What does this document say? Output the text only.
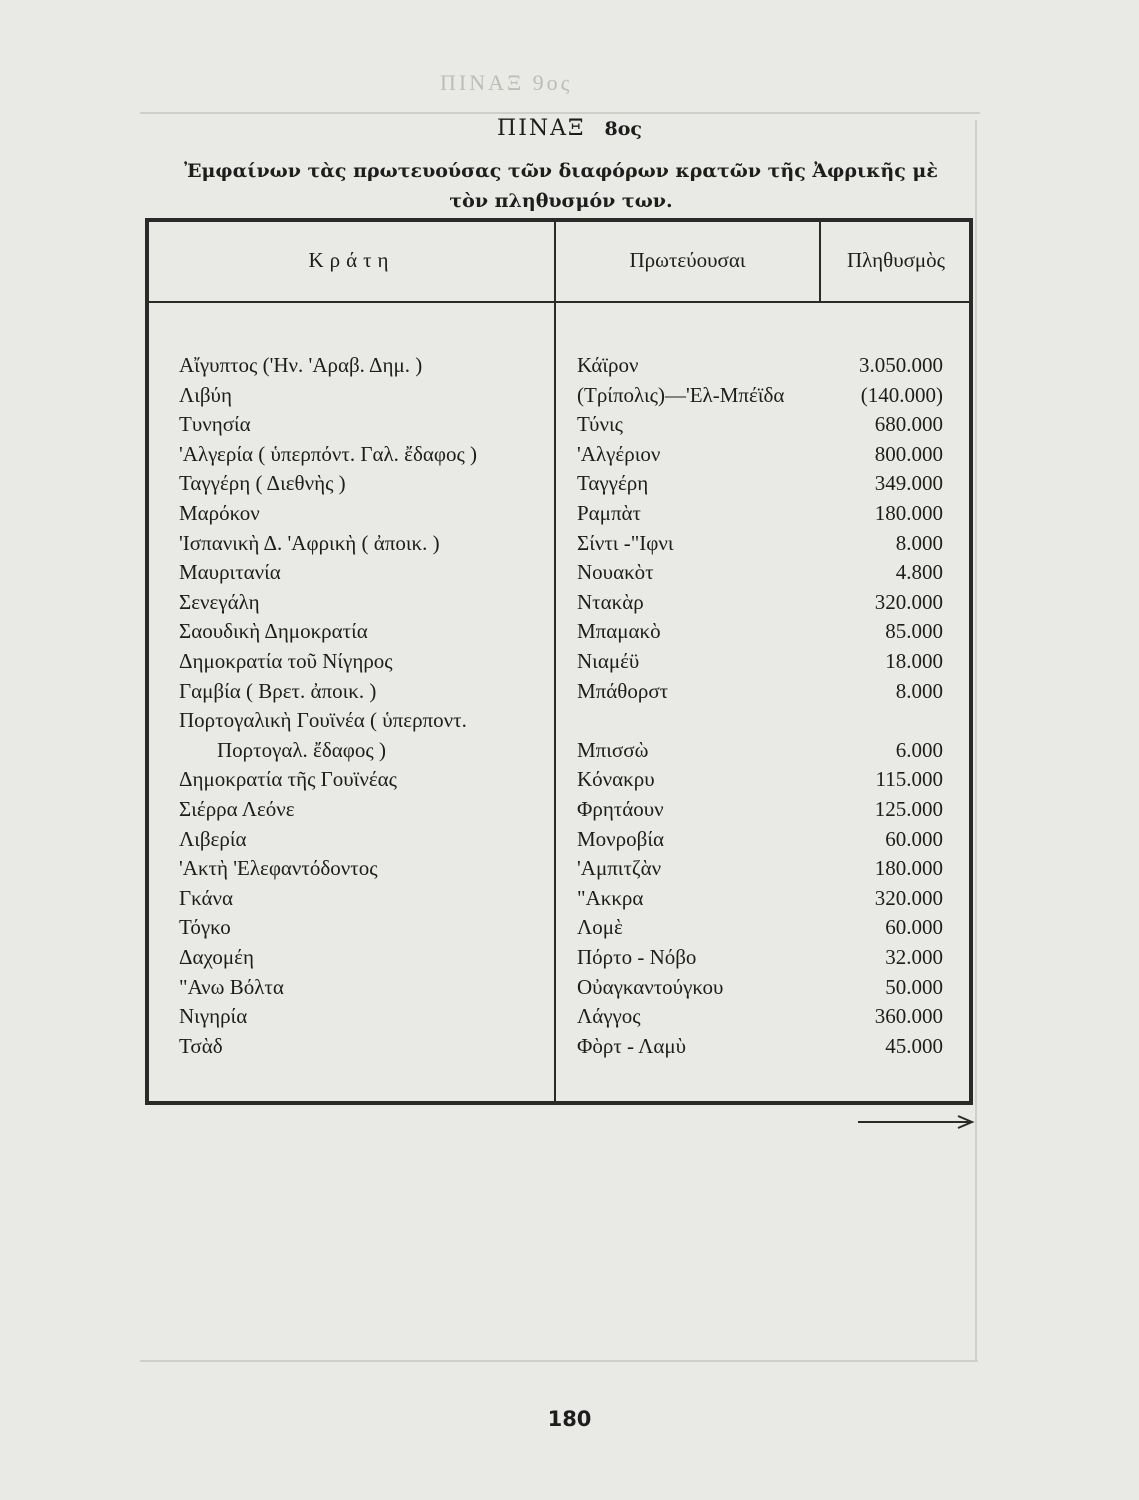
ΠΙΝΑΞ 9ος
ΠΙΝΑΞ 8ος
Ἐμφαίνων τὰς πρωτευούσας τῶν διαφόρων κρατῶν τῆς Ἀφρικῆς μὲ τὸν πληθυσμόν των.
Κράτη	Πρωτεύουσαι	Πληθυσμὸς
Αἴγυπτος ('Ην. 'Αραβ. Δημ. )	Κάϊρον	3.050.000
Λιβύη	(Τρίπολις)—'Ελ-Μπέϊδα	(140.000)
Τυνησία	Τύνις	680.000
'Αλγερία ( ὑπερπόντ. Γαλ. ἔδαφος )	'Αλγέριον	800.000
Ταγγέρη ( Διεθνὴς )	Ταγγέρη	349.000
Μαρόκον	Ραμπὰτ	180.000
'Ισπανικὴ Δ. 'Αφρικὴ ( ἀποικ. )	Σίντι -"Ιφνι	8.000
Μαυριτανία	Νουακὸτ	4.800
Σενεγάλη	Ντακὰρ	320.000
Σαουδικὴ Δημοκρατία	Μπαμακὸ	85.000
Δημοκρατία τοῦ Νίγηρος	Νιαμέϋ	18.000
Γαμβία ( Βρετ. ἀποικ. )	Μπάθορστ	8.000
Πορτογαλικὴ Γουϊνέα ( ὑπερποντ.
Πορτογαλ. ἔδαφος )	Μπισσὼ	6.000
Δημοκρατία τῆς Γουϊνέας	Κόνακρυ	115.000
Σιέρρα Λεόνε	Φρητάουν	125.000
Λιβερία	Μονροβία	60.000
'Ακτὴ 'Ελεφαντόδοντος	'Αμπιτζὰν	180.000
Γκάνα	"Ακκρα	320.000
Τόγκο	Λομὲ	60.000
Δαχομέη	Πόρτο - Νόβο	32.000
"Ανω Βόλτα	Οὐαγκαντούγκου	50.000
Νιγηρία	Λάγγος	360.000
Τσὰδ	Φὸρτ - Λαμὺ	45.000
180
